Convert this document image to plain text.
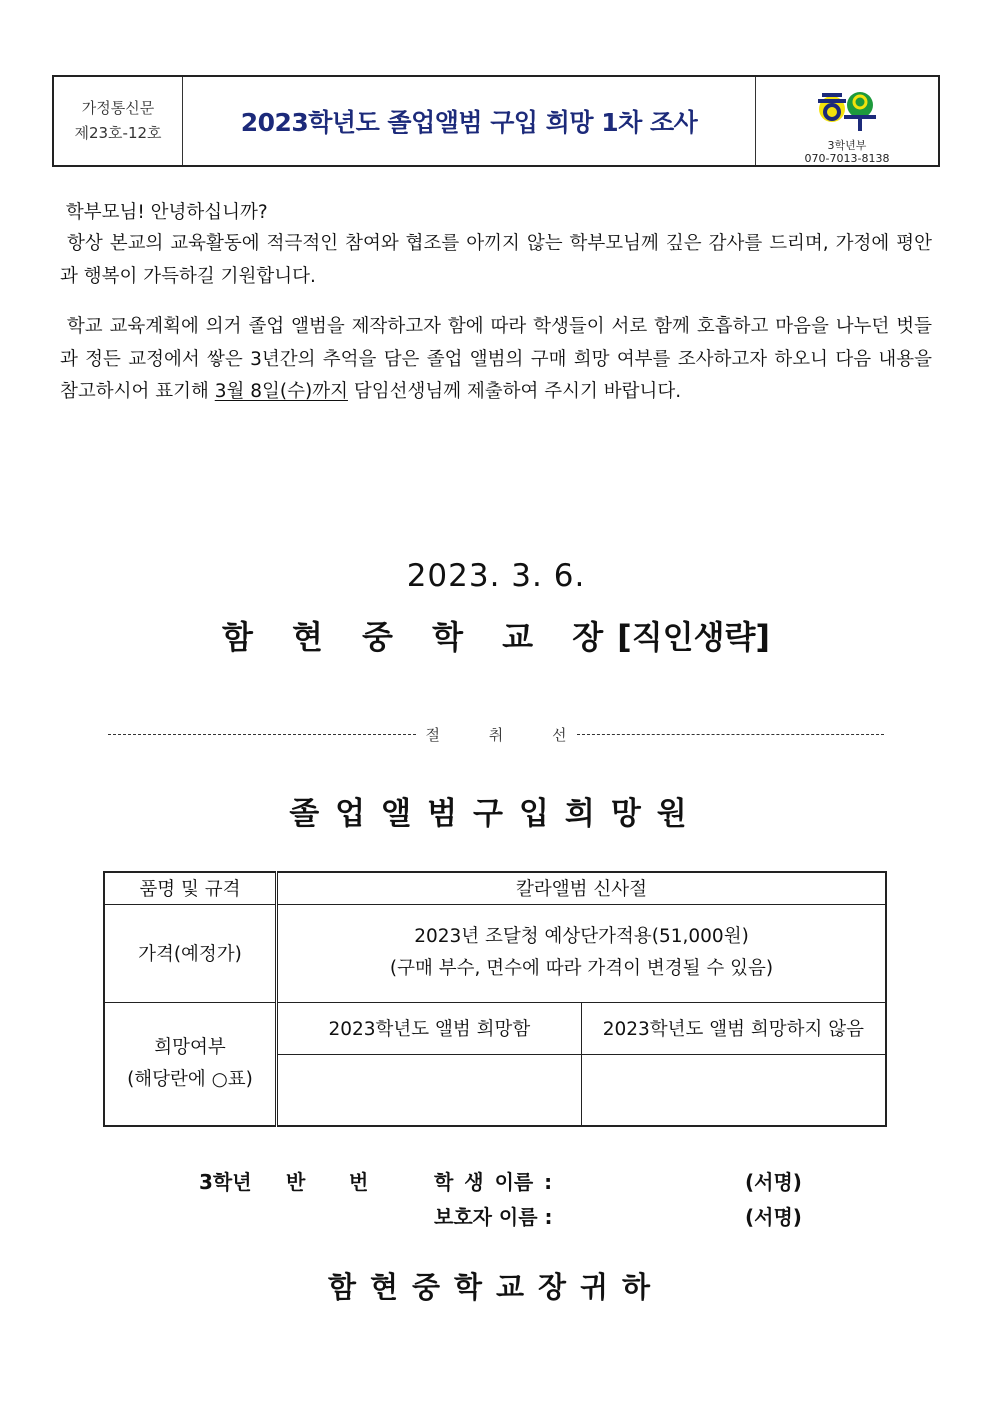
가정통신문
제23호-12호	2023학년도 졸업앨범 구입 희망 1차 조사
3학년부
070-7013-8138
학부모님! 안녕하십니까?
항상 본교의 교육활동에 적극적인 참여와 협조를 아끼지 않는 학부모님께 깊은 감사를 드리며, 가정에 평안과 행복이 가득하길 기원합니다.
학교 교육계획에 의거 졸업 앨범을 제작하고자 함에 따라 학생들이 서로 함께 호흡하고 마음을 나누던 벗들과 정든 교정에서 쌓은 3년간의 추억을 담은 졸업 앨범의 구매 희망 여부를 조사하고자 하오니 다음 내용을 참고하시어 표기해 3월 8일(수)까지 담임선생님께 제출하여 주시기 바랍니다.
2023. 3. 6.
함 현 중 학 교 장[직인생략]
절 취 선
졸업앨범구입희망원
품명 및 규격	칼라앨범 신사절	
가격(예정가)	2023년 조달청 예상단가적용(51,000원)
(구매 부수, 면수에 따라 가격이 변경될 수 있음)	

희망여부
(해당란에 ○표)	2023학년도 앨범 희망함	2023학년도 앨범 희망하지 않음

3학년 반 번	학 생 이름 :	(서명)
보호자 이름 :	(서명)
함현중학교장귀하
